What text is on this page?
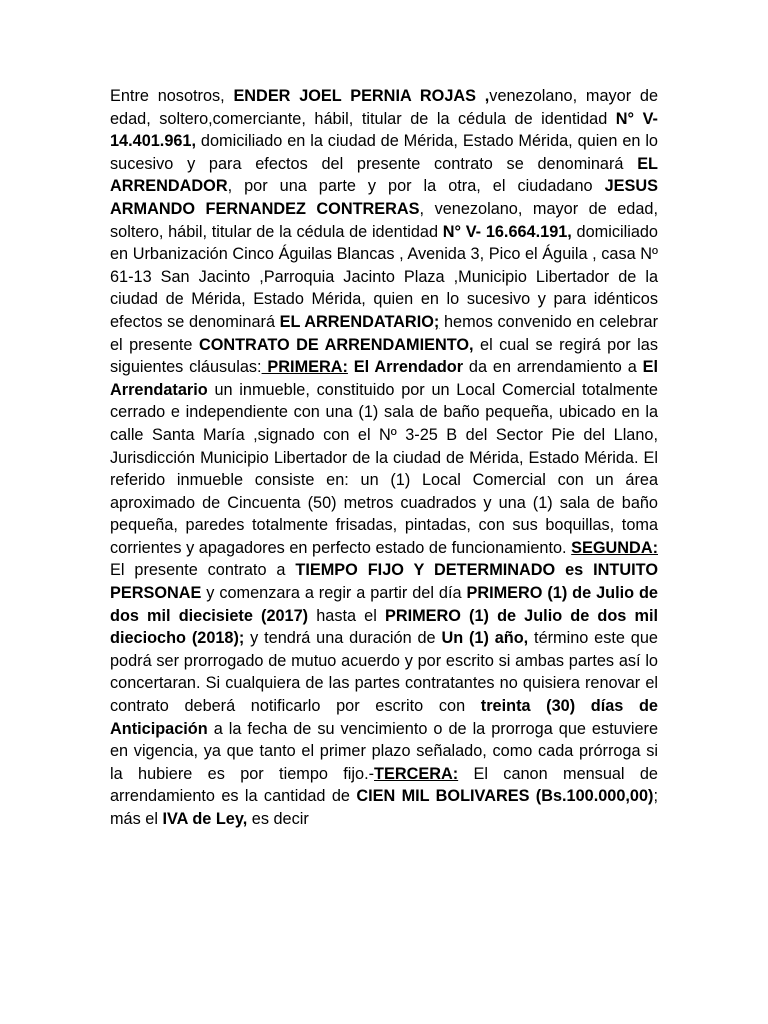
Entre nosotros, ENDER JOEL PERNIA ROJAS ,venezolano, mayor de edad, soltero,comerciante, hábil, titular de la cédula de identidad N° V-14.401.961, domiciliado en la ciudad de Mérida, Estado Mérida, quien en lo sucesivo y para efectos del presente contrato se denominará EL ARRENDADOR, por una parte y por la otra, el ciudadano JESUS ARMANDO FERNANDEZ CONTRERAS, venezolano, mayor de edad, soltero, hábil, titular de la cédula de identidad N° V- 16.664.191, domiciliado en Urbanización Cinco Águilas Blancas , Avenida 3, Pico el Águila , casa Nº 61-13 San Jacinto ,Parroquia Jacinto Plaza ,Municipio Libertador de la ciudad de Mérida, Estado Mérida, quien en lo sucesivo y para idénticos efectos se denominará EL ARRENDATARIO; hemos convenido en celebrar el presente CONTRATO DE ARRENDAMIENTO, el cual se regirá por las siguientes cláusulas: PRIMERA: El Arrendador da en arrendamiento a El Arrendatario un inmueble, constituido por un Local Comercial totalmente cerrado e independiente con una (1) sala de baño pequeña, ubicado en la calle Santa María ,signado con el Nº 3-25 B del Sector Pie del Llano, Jurisdicción Municipio Libertador de la ciudad de Mérida, Estado Mérida. El referido inmueble consiste en: un (1) Local Comercial con un área aproximado de Cincuenta (50) metros cuadrados y una (1) sala de baño pequeña, paredes totalmente frisadas, pintadas, con sus boquillas, toma corrientes y apagadores en perfecto estado de funcionamiento. SEGUNDA: El presente contrato a TIEMPO FIJO Y DETERMINADO es INTUITO PERSONAE y comenzara a regir a partir del día PRIMERO (1) de Julio de dos mil diecisiete (2017) hasta el PRIMERO (1) de Julio de dos mil dieciocho (2018); y tendrá una duración de Un (1) año, término este que podrá ser prorrogado de mutuo acuerdo y por escrito si ambas partes así lo concertaran. Si cualquiera de las partes contratantes no quisiera renovar el contrato deberá notificarlo por escrito con treinta (30) días de Anticipación a la fecha de su vencimiento o de la prorroga que estuviere en vigencia, ya que tanto el primer plazo señalado, como cada prórroga si la hubiere es por tiempo fijo.-TERCERA: El canon mensual de arrendamiento es la cantidad de CIEN MIL BOLIVARES (Bs.100.000,00); más el IVA de Ley, es decir
